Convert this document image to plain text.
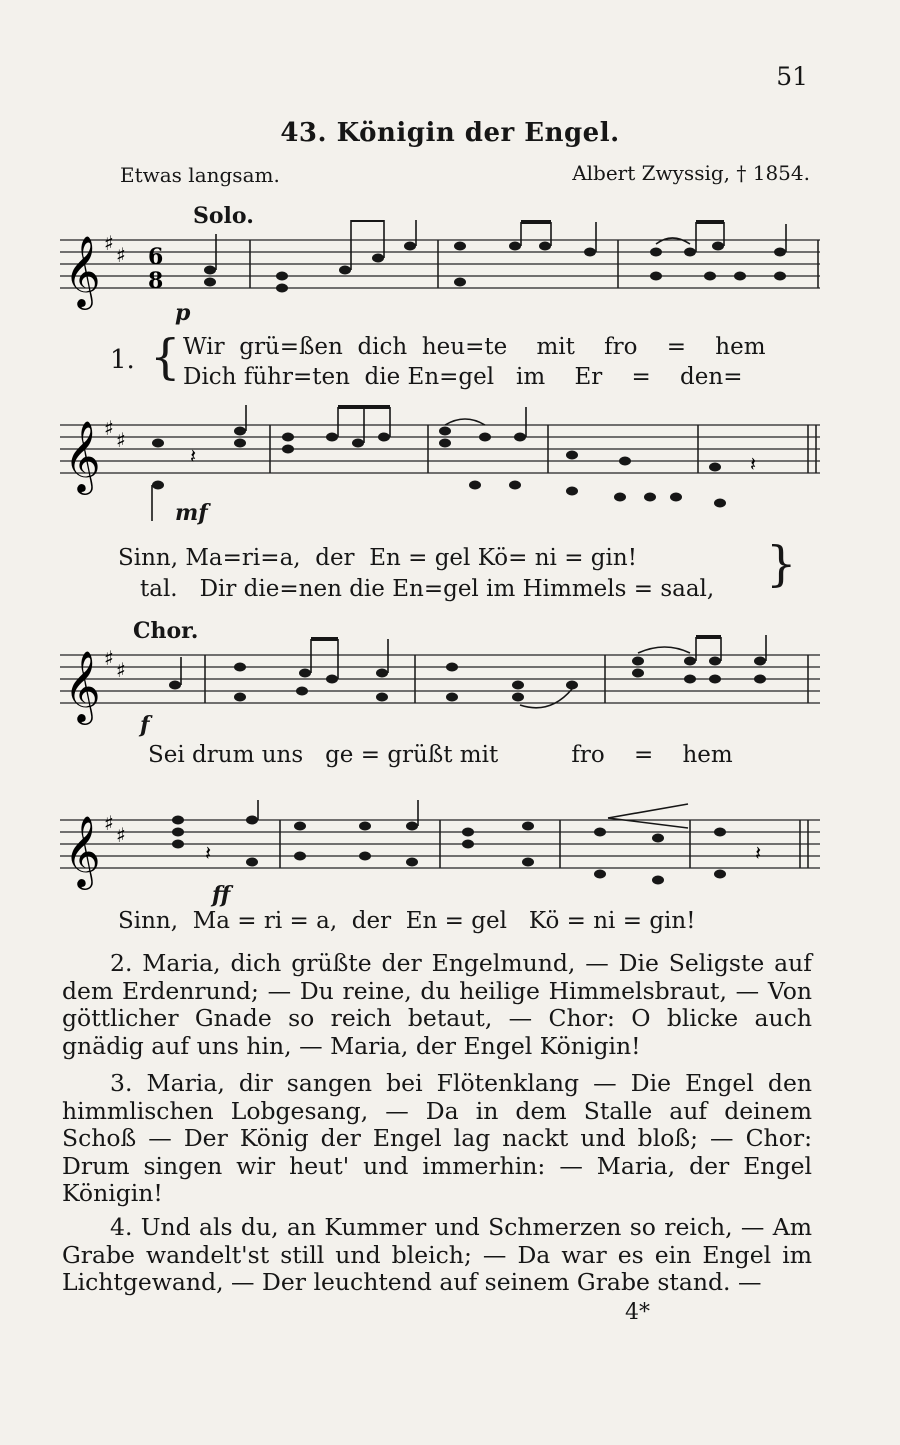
51
43. Königin der Engel.
Etwas langsam.	Albert Zwyssig, † 1854.
Solo.
𝄞 ♯ ♯ 6
8
p
1. { Wir grü=ßen dich heu=te mit fro = hem
Dich führ=ten die En=gel im Er = den=
𝄞 ♯ ♯
𝄽	𝄽
mf
Sinn, Ma=ri=a, der En = gel Kö= ni = gin!
tal. Dir die=nen die En=gel im Himmels = saal, }
Chor.
𝄞 ♯ ♯
f
Sei drum uns ge = grüßt mit	fro = hem
𝄞 ♯ ♯
𝄽	𝄽
ff
Sinn, Ma = ri = a, der En = gel Kö = ni = gin!

2. Maria, dich grüßte der Engelmund, — Die Seligste auf dem Erdenrund; — Du reine, du heilige Himmelsbraut, — Von göttlicher Gnade so reich betaut, — Chor: O blicke auch gnädig auf uns hin, — Maria, der Engel Königin!

3. Maria, dir sangen bei Flötenklang — Die Engel den himmlischen Lobgesang, — Da in dem Stalle auf deinem Schoß — Der König der Engel lag nackt und bloß; — Chor: Drum singen wir heut' und immerhin: — Maria, der Engel Königin!

4. Und als du, an Kummer und Schmerzen so reich, — Am Grabe wandelt'st still und bleich; — Da war es ein Engel im Lichtgewand, — Der leuchtend auf seinem Grabe stand. —

4*
